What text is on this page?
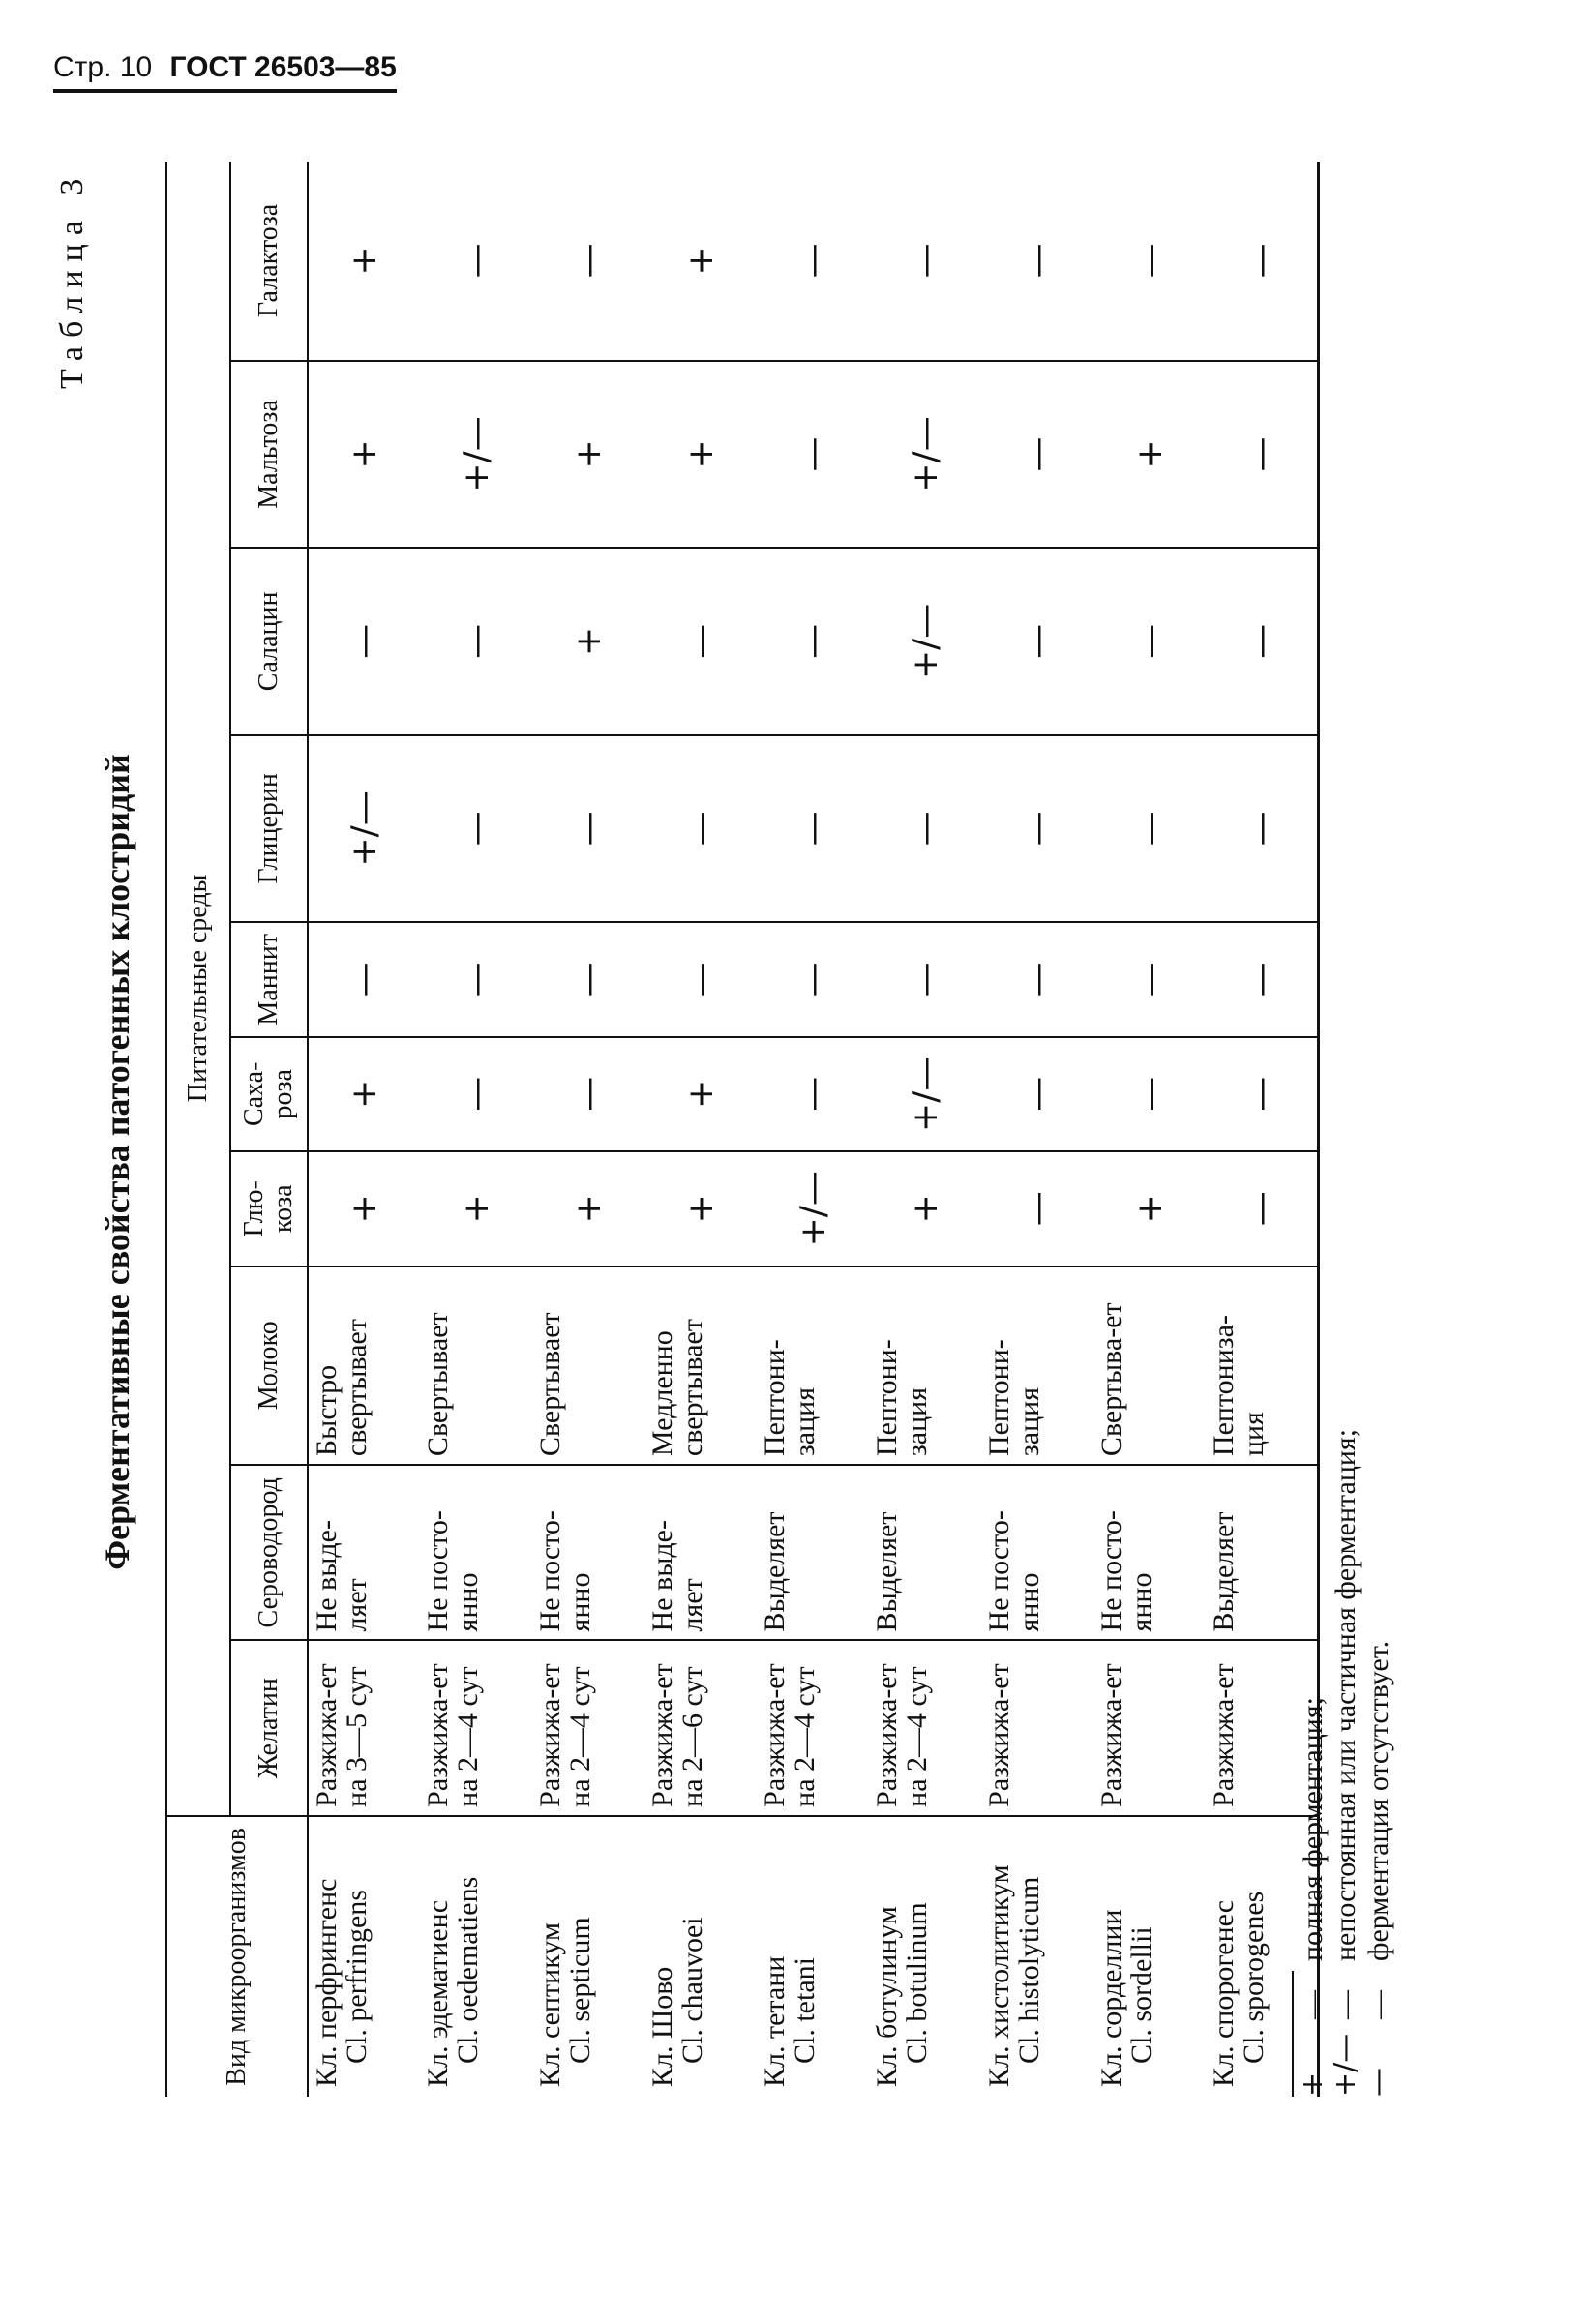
Стр. 10 ГОСТ 26503—85
Таблица 3
Ферментативные свойства патогенных клостридий
Вид микроорганизмов	Питательные среды									
	Желатин	Сероводород	Молоко	Глю-коза	Саха-роза	Маннит	Глицерин	Салацин	Мальтоза	Галактоза

Кл. перфрингенс
Cl. perfringens	Разжижа-ет на 3—5 сут	Не выде-ляет	Быстро свертывает	+	+	—	+/—	—	+	+

Кл. эдематиенс
Cl. oedematiens	Разжижа-ет на 2—4 сут	Не посто-янно	Свертывает	+	—	—	—	—	+/—	—

Кл. септикум
Cl. septicum	Разжижа-ет на 2—4 сут	Не посто-янно	Свертывает	+	—	—	—	+	+	—

Кл. Шово
Cl. chauvoei	Разжижа-ет на 2—6 сут	Не выде-ляет	Медленно свертывает	+	+	—	—	—	+	+

Кл. тетани
Cl. tetani	Разжижа-ет на 2—4 сут	Выделяет	Пептони-зация	+/—	—	—	—	—	—	—

Кл. ботулинум
Cl. botulinum	Разжижа-ет на 2—4 сут	Выделяет	Пептони-зация	+	+/—	—	—	+/—	+/—	—

Кл. хистолитикум
Cl. histolyticum	Разжижа-ет	Не посто-янно	Пептони-зация	—	—	—	—	—	—	—

Кл. сорделлии
Cl. sordellii	Разжижа-ет	Не посто-янно	Свертыва-ет	+	—	—	—	—	+	—

Кл. спорогенес
Cl. sporogenes	Разжижа-ет	Выделяет	Пептониза-ция	—	—	—	—	—	—	—
+	—	полная ферментация;
+/—	—	непостоянная или частичная ферментация;
—	—	ферментация отсутствует.
